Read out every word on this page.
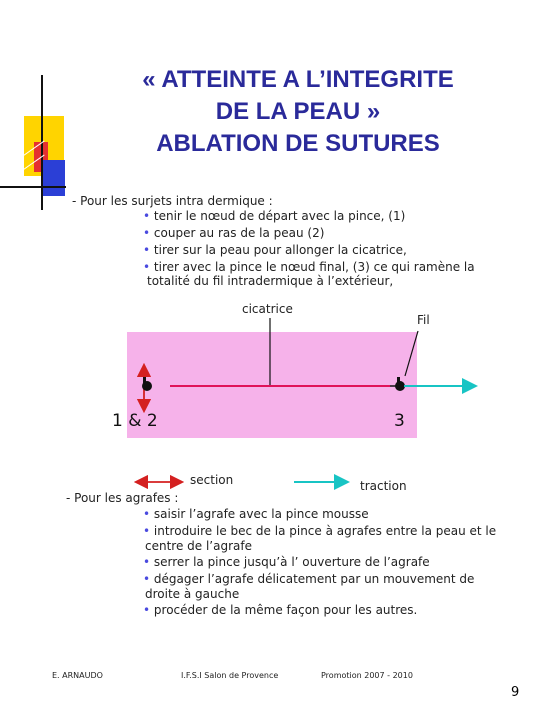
« ATTEINTE A L’INTEGRITE
DE LA PEAU »
ABLATION DE SUTURES
- Pour les surjets intra dermique :
• tenir le nœud de départ avec la pince, (1)
• couper au ras de la peau (2)
• tirer sur la peau pour allonger la cicatrice,
• tirer avec la pince le nœud final, (3) ce qui ramène la
totalité du fil intradermique à l’extérieur,
cicatrice
Fil
1 & 2	3
section	traction
- Pour les agrafes :
• saisir l’agrafe avec la pince mousse
• introduire le bec de la pince à agrafes entre la peau et le
centre de l’agrafe
• serrer la pince jusqu’à l’ ouverture de l’agrafe
• dégager l’agrafe délicatement par un mouvement de
droite à gauche
• procéder de la même façon pour les autres.
E. ARNAUDO	I.F.S.I Salon de Provence	Promotion 2007 - 2010
9
